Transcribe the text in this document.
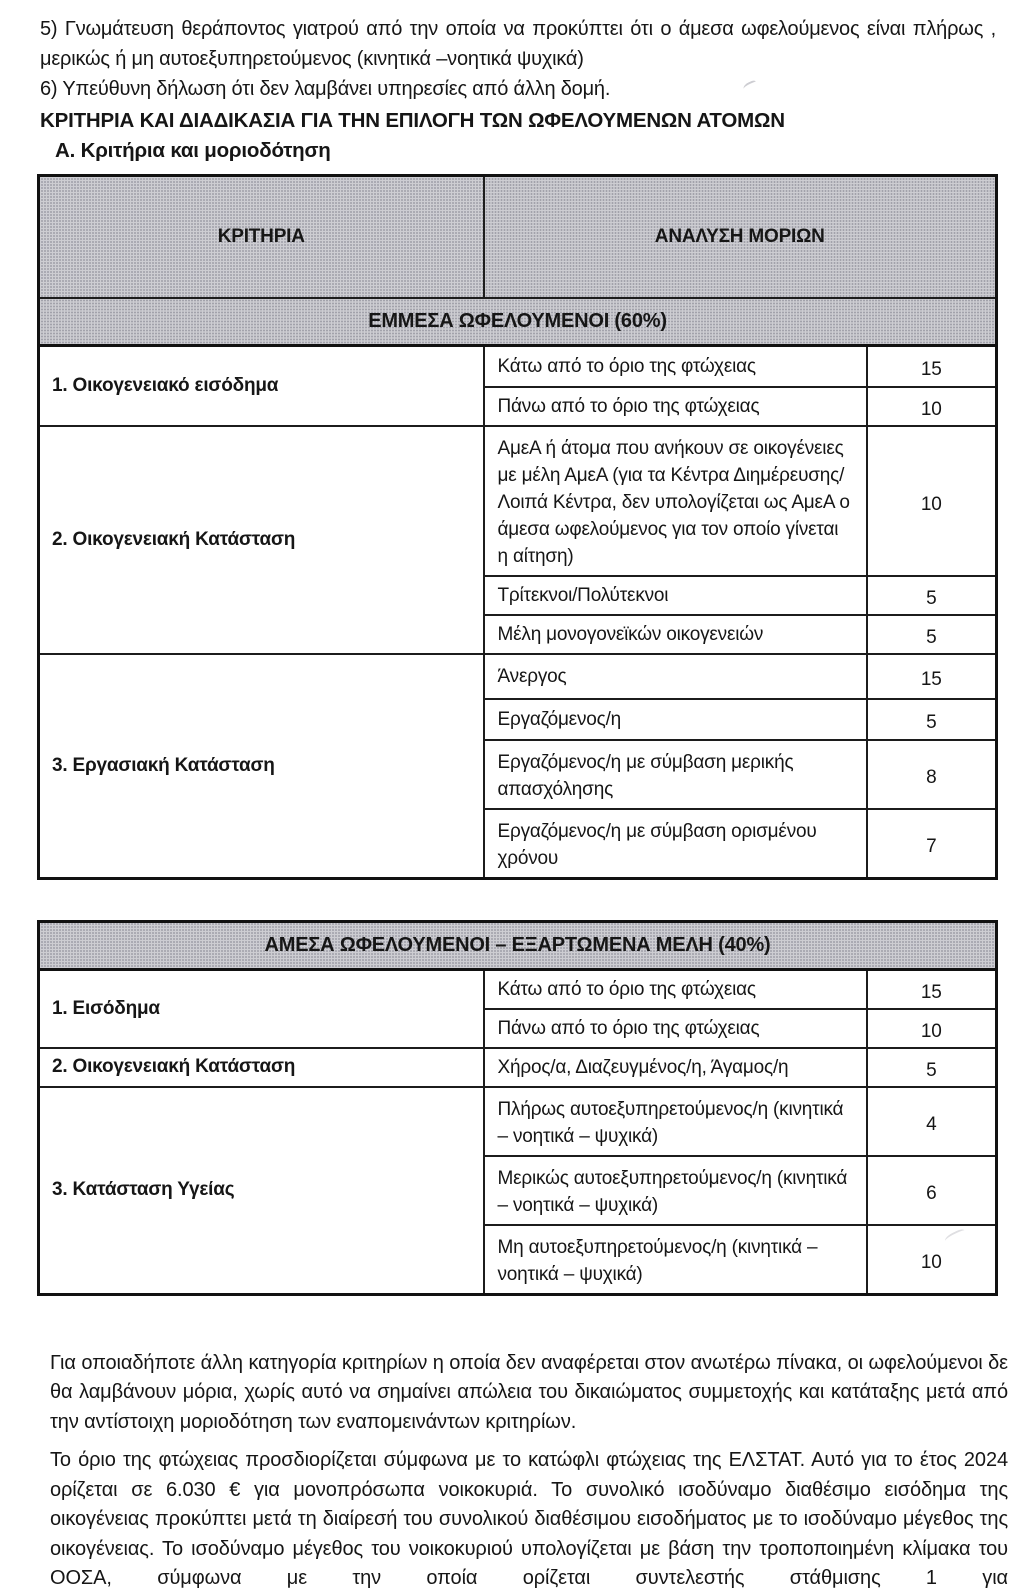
5) Γνωμάτευση θεράποντος γιατρού από την οποία να προκύπτει ότι ο άμεσα ωφελούμενος είναι πλήρως , μερικώς ή μη αυτοεξυπηρετούμενος (κινητικά –νοητικά ψυχικά)

6) Υπεύθυνη δήλωση ότι δεν λαμβάνει υπηρεσίες από άλλη δομή.

ΚΡΙΤΗΡΙΑ ΚΑΙ ΔΙΑΔΙΚΑΣΙΑ ΓΙΑ ΤΗΝ ΕΠΙΛΟΓΗ ΤΩΝ ΩΦΕΛΟΥΜΕΝΩΝ ΑΤΟΜΩΝ
Α. Κριτήρια και μοριοδότηση
ΚΡΙΤΗΡΙΑ	ΑΝΑΛΥΣΗ ΜΟΡΙΩΝ	
ΕΜΜΕΣΑ ΩΦΕΛΟΥΜΕΝΟΙ (60%)		
1. Οικογενειακό εισόδημα	Κάτω από το όριο της φτώχειας	15
	Πάνω από το όριο της φτώχειας	10
2. Οικογενειακή Κατάσταση	ΑμεΑ ή άτομα που ανήκουν σε οικογένειες με μέλη ΑμεΑ (για τα Κέντρα Διημέρευσης/Λοιπά Κέντρα, δεν υπολογίζεται ως ΑμεΑ ο άμεσα ωφελούμενος για τον οποίο γίνεται η αίτηση)	10
	Τρίτεκνοι/Πολύτεκνοι	5
	Μέλη μονογονεϊκών οικογενειών	5
3. Εργασιακή Κατάσταση	Άνεργος	15
	Εργαζόμενος/η	5
	Εργαζόμενος/η με σύμβαση μερικής απασχόλησης	8
	Εργαζόμενος/η με σύμβαση ορισμένου χρόνου	7
ΑΜΕΣΑ ΩΦΕΛΟΥΜΕΝΟΙ – ΕΞΑΡΤΩΜΕΝΑ ΜΕΛΗ (40%)		
1. Εισόδημα	Κάτω από το όριο της φτώχειας	15
	Πάνω από το όριο της φτώχειας	10
2. Οικογενειακή Κατάσταση	Χήρος/α, Διαζευγμένος/η, Άγαμος/η	5
3. Κατάσταση Υγείας	Πλήρως αυτοεξυπηρετούμενος/η (κινητικά – νοητικά – ψυχικά)	4
	Μερικώς αυτοεξυπηρετούμενος/η (κινητικά – νοητικά – ψυχικά)	6
	Μη αυτοεξυπηρετούμενος/η (κινητικά – νοητικά – ψυχικά)	10

Για οποιαδήποτε άλλη κατηγορία κριτηρίων η οποία δεν αναφέρεται στον ανωτέρω πίνακα, οι ωφελούμενοι δε θα λαμβάνουν μόρια, χωρίς αυτό να σημαίνει απώλεια του δικαιώματος συμμετοχής και κατάταξης μετά από την αντίστοιχη μοριοδότηση των εναπομεινάντων κριτηρίων.

Το όριο της φτώχειας προσδιορίζεται σύμφωνα με το κατώφλι φτώχειας της ΕΛΣΤΑΤ. Αυτό για το έτος 2024 ορίζεται σε 6.030 € για μονοπρόσωπα νοικοκυριά. Το συνολικό ισοδύναμο διαθέσιμο εισόδημα της οικογένειας προκύπτει μετά τη διαίρεσή του συνολικού διαθέσιμου εισοδήματος με το ισοδύναμο μέγεθος της οικογένειας. Το ισοδύναμο μέγεθος του νοικοκυριού υπολογίζεται με βάση την τροποποιημένη κλίμακα του ΟΟΣΑ, σύμφωνα με την οποία ορίζεται συντελεστής στάθμισης 1 για
